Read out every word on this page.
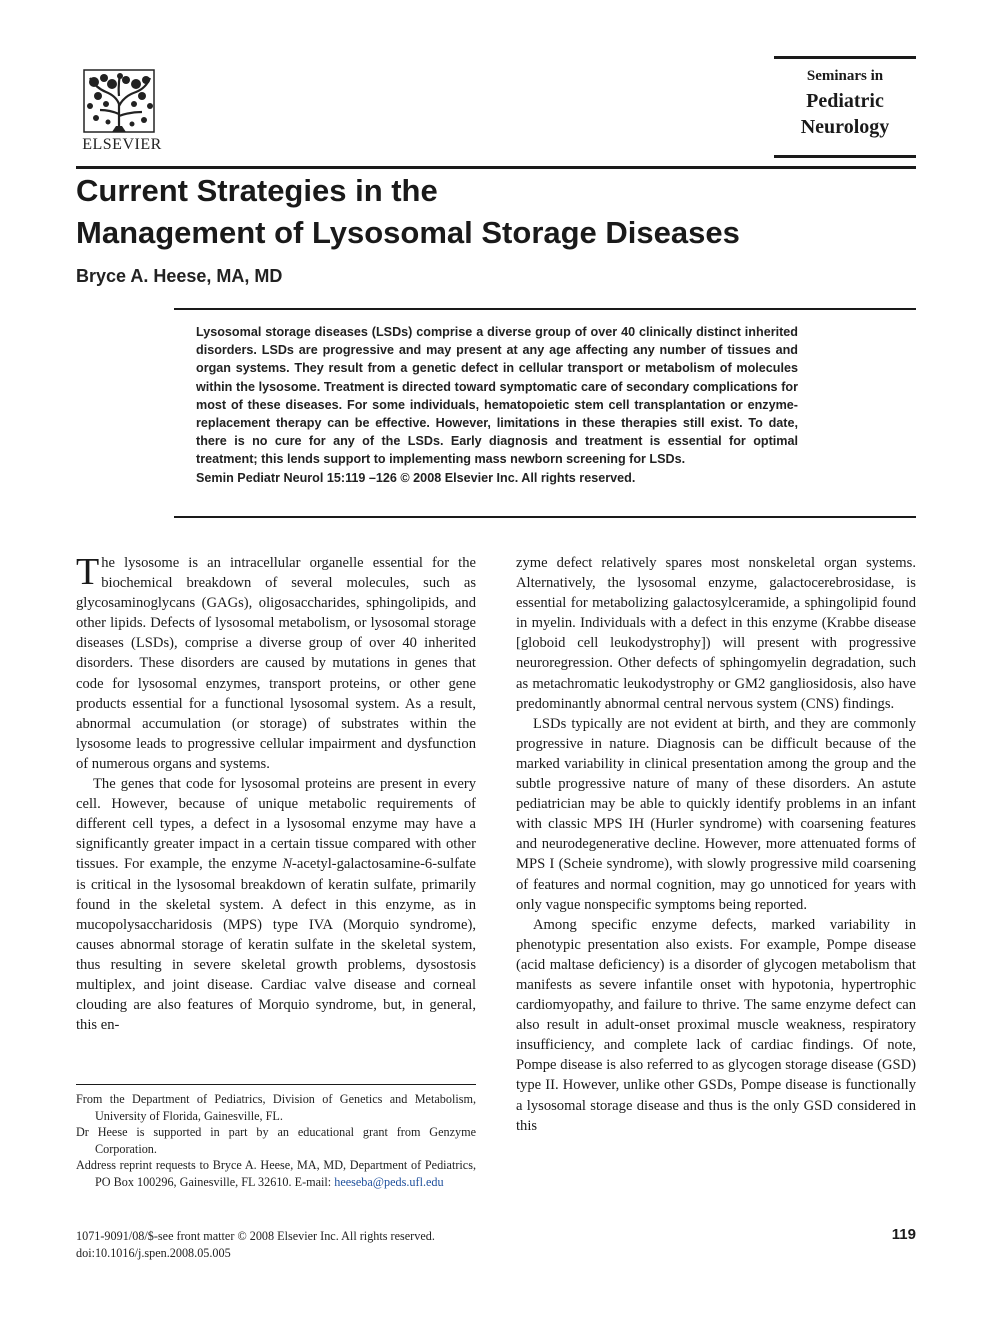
ELSEVIER
Seminars in
Pediatric
Neurology
Current Strategies in the
Management of Lysosomal Storage Diseases
Bryce A. Heese, MA, MD
Lysosomal storage diseases (LSDs) comprise a diverse group of over 40 clinically distinct inherited disorders. LSDs are progressive and may present at any age affecting any number of tissues and organ systems. They result from a genetic defect in cellular transport or metabolism of molecules within the lysosome. Treatment is directed toward symptomatic care of secondary complications for most of these diseases. For some individuals, hematopoietic stem cell transplantation or enzyme-replacement therapy can be effective. However, limitations in these therapies still exist. To date, there is no cure for any of the LSDs. Early diagnosis and treatment is essential for optimal treatment; this lends support to implementing mass newborn screening for LSDs.
Semin Pediatr Neurol 15:119 –126 © 2008 Elsevier Inc. All rights reserved.

The lysosome is an intracellular organelle essential for the biochemical breakdown of several molecules, such as glycosaminoglycans (GAGs), oligosaccharides, sphingolipids, and other lipids. Defects of lysosomal metabolism, or lysosomal storage diseases (LSDs), comprise a diverse group of over 40 inherited disorders. These disorders are caused by mutations in genes that code for lysosomal enzymes, transport proteins, or other gene products essential for a functional lysosomal system. As a result, abnormal accumulation (or storage) of substrates within the lysosome leads to progressive cellular impairment and dysfunction of numerous organs and systems.

The genes that code for lysosomal proteins are present in every cell. However, because of unique metabolic requirements of different cell types, a defect in a lysosomal enzyme may have a significantly greater impact in a certain tissue compared with other tissues. For example, the enzyme N-acetyl-galactosamine-6-sulfate is critical in the lysosomal breakdown of keratin sulfate, primarily found in the skeletal system. A defect in this enzyme, as in mucopolysaccharidosis (MPS) type IVA (Morquio syndrome), causes abnormal storage of keratin sulfate in the skeletal system, thus resulting in severe skeletal growth problems, dysostosis multiplex, and joint disease. Cardiac valve disease and corneal clouding are also features of Morquio syndrome, but, in general, this en-

zyme defect relatively spares most nonskeletal organ systems. Alternatively, the lysosomal enzyme, galactocerebrosidase, is essential for metabolizing galactosylceramide, a sphingolipid found in myelin. Individuals with a defect in this enzyme (Krabbe disease [globoid cell leukodystrophy]) will present with progressive neuroregression. Other defects of sphingomyelin degradation, such as metachromatic leukodystrophy or GM2 gangliosidosis, also have predominantly abnormal central nervous system (CNS) findings.

LSDs typically are not evident at birth, and they are commonly progressive in nature. Diagnosis can be difficult because of the marked variability in clinical presentation among the group and the subtle progressive nature of many of these disorders. An astute pediatrician may be able to quickly identify problems in an infant with classic MPS IH (Hurler syndrome) with coarsening features and neurodegenerative decline. However, more attenuated forms of MPS I (Scheie syndrome), with slowly progressive mild coarsening of features and normal cognition, may go unnoticed for years with only vague nonspecific symptoms being reported.

Among specific enzyme defects, marked variability in phenotypic presentation also exists. For example, Pompe disease (acid maltase deficiency) is a disorder of glycogen metabolism that manifests as severe infantile onset with hypotonia, hypertrophic cardiomyopathy, and failure to thrive. The same enzyme defect can also result in adult-onset proximal muscle weakness, respiratory insufficiency, and complete lack of cardiac findings. Of note, Pompe disease is also referred to as glycogen storage disease (GSD) type II. However, unlike other GSDs, Pompe disease is functionally a lysosomal storage disease and thus is the only GSD considered in this

From the Department of Pediatrics, Division of Genetics and Metabolism, University of Florida, Gainesville, FL.

Dr Heese is supported in part by an educational grant from Genzyme Corporation.

Address reprint requests to Bryce A. Heese, MA, MD, Department of Pediatrics, PO Box 100296, Gainesville, FL 32610. E-mail: heeseba@peds.ufl.edu

1071-9091/08/$-see front matter © 2008 Elsevier Inc. All rights reserved.
doi:10.1016/j.spen.2008.05.005
119
